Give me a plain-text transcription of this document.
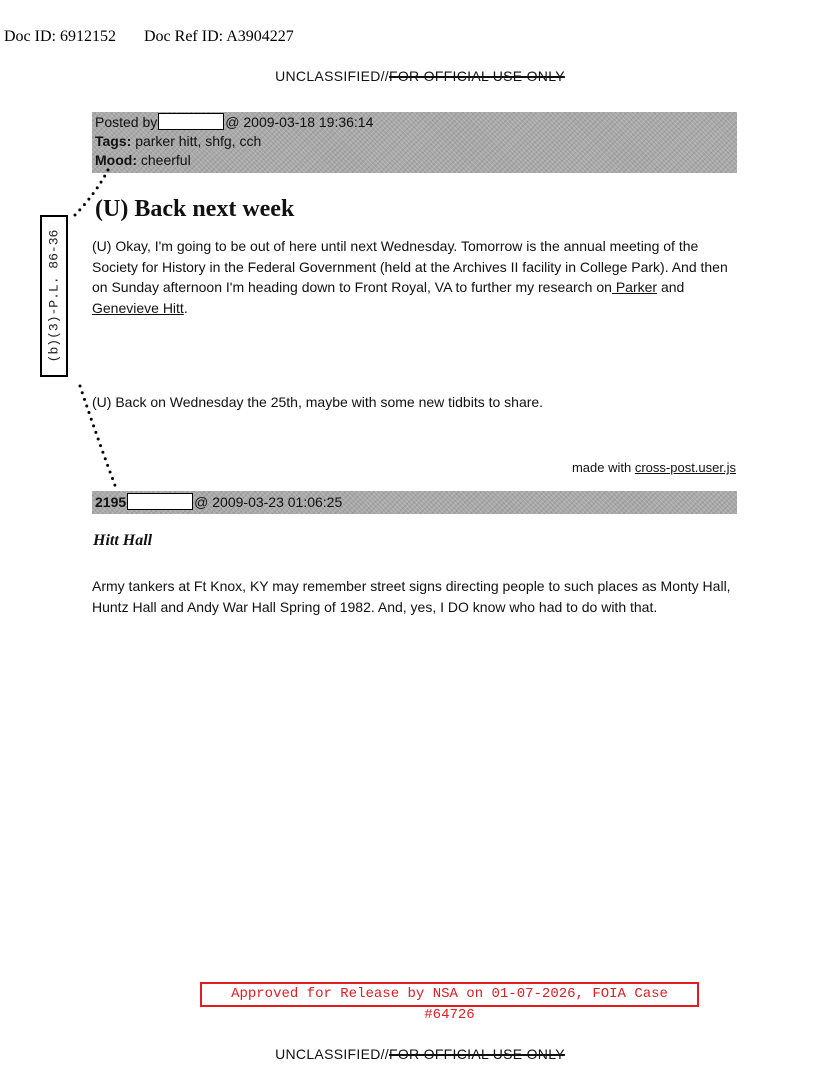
Doc ID: 6912152 Doc Ref ID: A3904227
UNCLASSIFIED//FOR OFFICIAL USE ONLY
Posted by	@ 2009-03-18 19:36:14
Tags: parker hitt, shfg, cch
Mood: cheerful
(U) Back next week

(U) Okay, I'm going to be out of here until next Wednesday. Tomorrow is the annual meeting of the Society for History in the Federal Government (held at the Archives II facility in College Park). And then on Sunday afternoon I'm heading down to Front Royal, VA to further my research on Parker and Genevieve Hitt.

(U) Back on Wednesday the 25th, maybe with some new tidbits to share.

made with cross-post.user.js
2195	@ 2009-03-23 01:06:25
Hitt Hall

Army tankers at Ft Knox, KY may remember street signs directing people to such places as Monty Hall, Huntz Hall and Andy War Hall Spring of 1982. And, yes, I DO know who had to do with that.

(b)(3)-P.L. 86-36
Approved for Release by NSA on 01-07-2026, FOIA Case #64726
UNCLASSIFIED//FOR OFFICIAL USE ONLY
